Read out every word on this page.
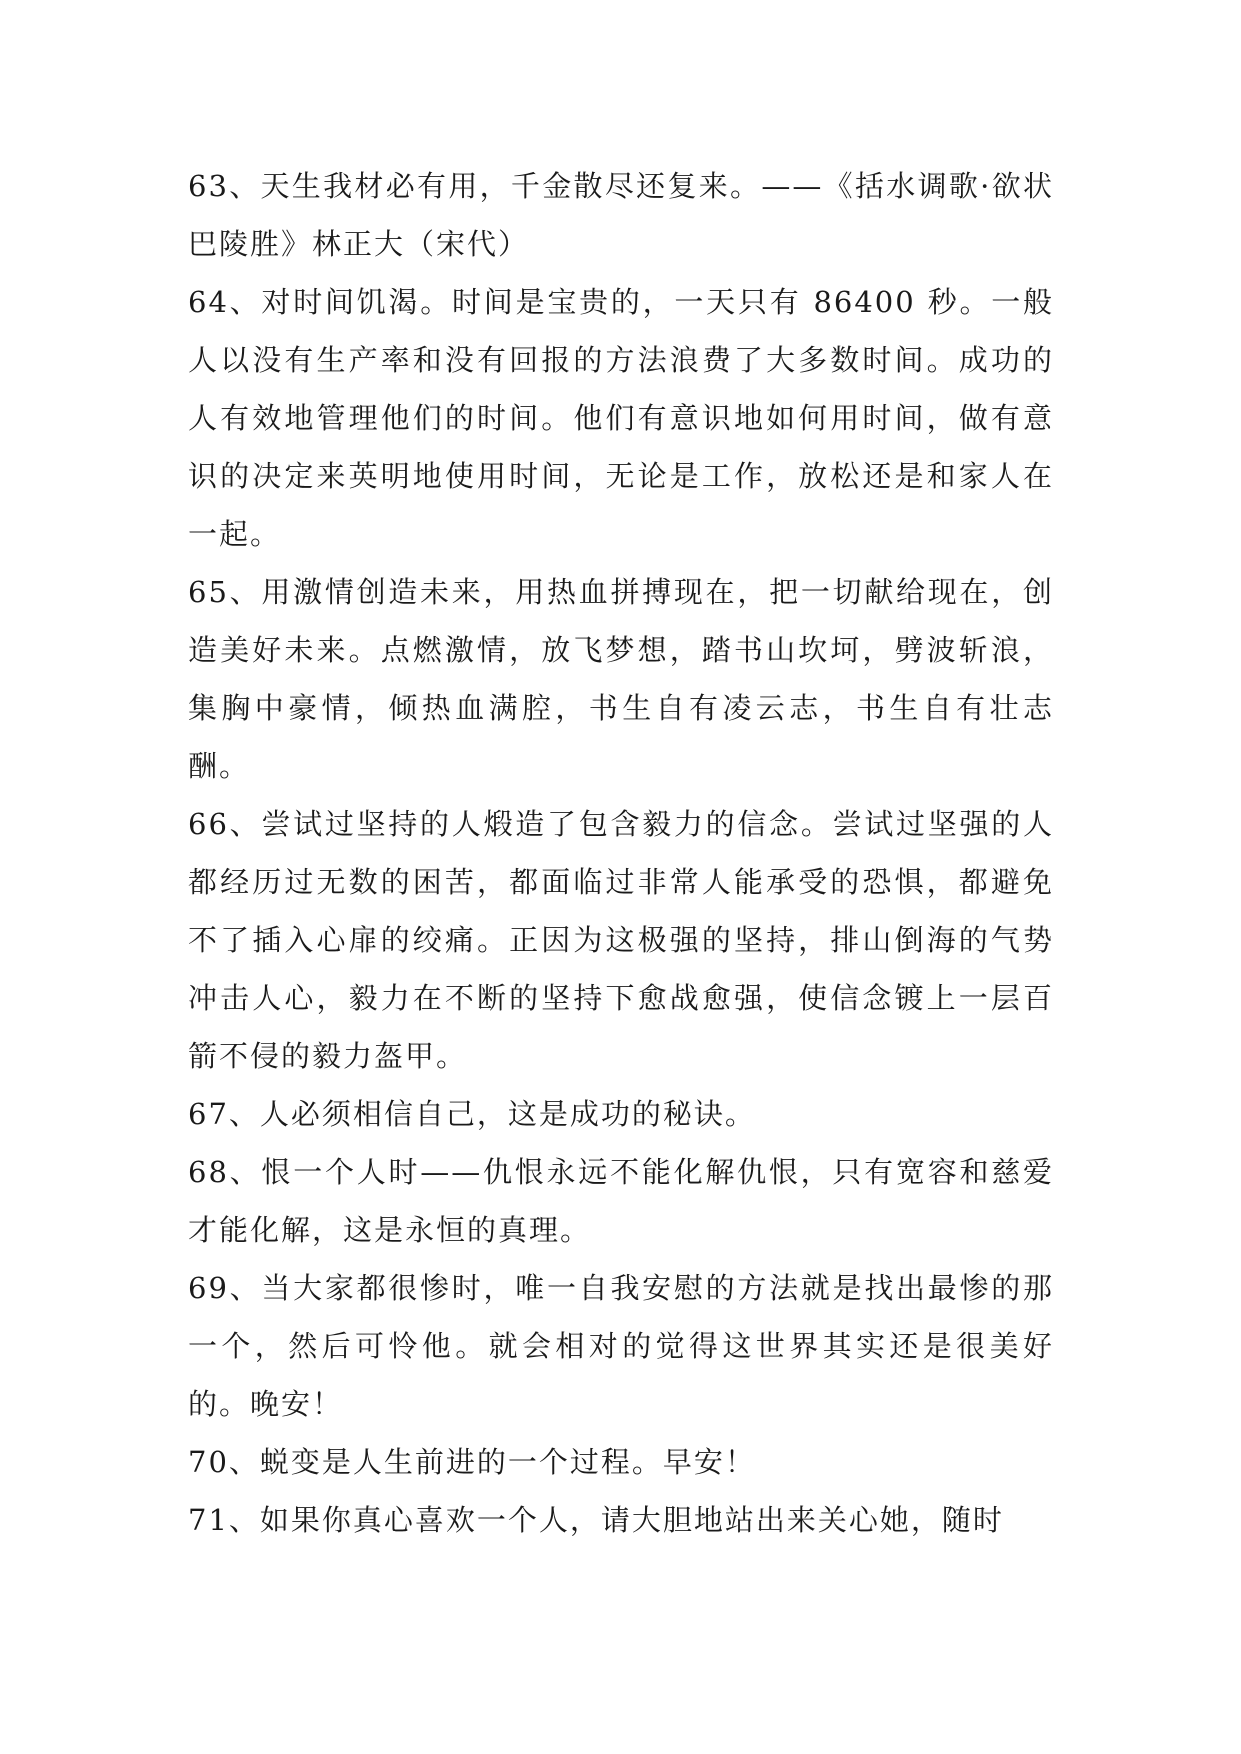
63、天生我材必有用，千金散尽还复来。——《括水调歌·欲状巴陵胜》林正大（宋代）

64、对时间饥渴。时间是宝贵的，一天只有 86400 秒。一般人以没有生产率和没有回报的方法浪费了大多数时间。成功的人有效地管理他们的时间。他们有意识地如何用时间，做有意识的决定来英明地使用时间，无论是工作，放松还是和家人在一起。

65、用激情创造未来，用热血拼搏现在，把一切献给现在，创造美好未来。点燃激情，放飞梦想，踏书山坎坷，劈波斩浪，集胸中豪情，倾热血满腔，书生自有凌云志，书生自有壮志酬。

66、尝试过坚持的人煅造了包含毅力的信念。尝试过坚强的人都经历过无数的困苦，都面临过非常人能承受的恐惧，都避免不了插入心扉的绞痛。正因为这极强的坚持，排山倒海的气势冲击人心，毅力在不断的坚持下愈战愈强，使信念镀上一层百箭不侵的毅力盔甲。

67、人必须相信自己，这是成功的秘诀。

68、恨一个人时——仇恨永远不能化解仇恨，只有宽容和慈爱才能化解，这是永恒的真理。

69、当大家都很惨时，唯一自我安慰的方法就是找出最惨的那一个，然后可怜他。就会相对的觉得这世界其实还是很美好的。晚安！

70、蜕变是人生前进的一个过程。早安！

71、如果你真心喜欢一个人，请大胆地站出来关心她，随时
